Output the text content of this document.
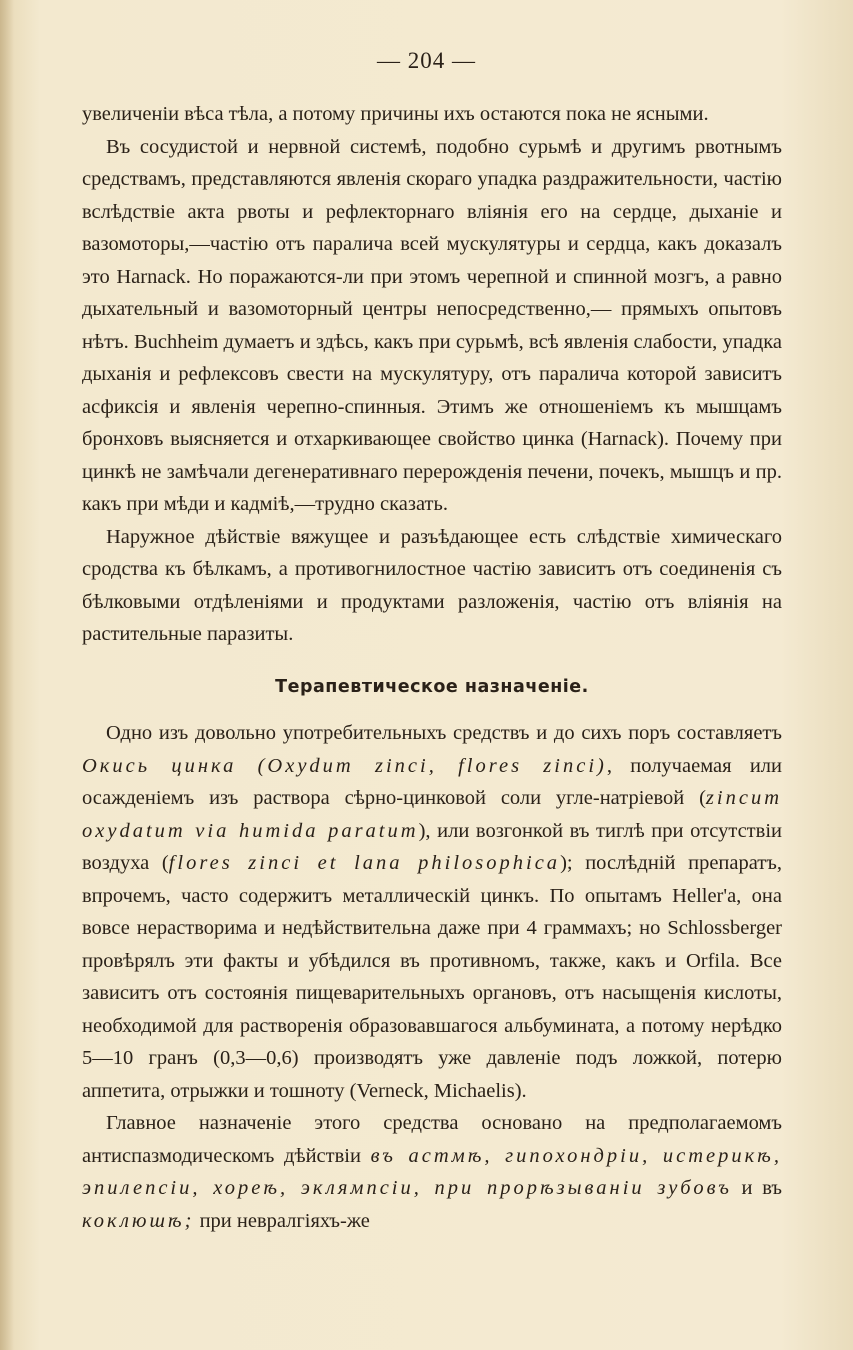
— 204 —

увеличенiи вѣса тѣла, а потому причины ихъ остаются пока не ясными.

Въ сосудистой и нервной системѣ, подобно сурьмѣ и другимъ рвотнымъ средствамъ, представляются явленiя скораго упадка раздражительности, частiю вслѣдствiе акта рвоты и рефлекторнаго влiянiя его на сердце, дыханiе и вазомоторы,—частiю отъ паралича всей мускулятуры и сердца, какъ доказалъ это Harnack. Но поражаются-ли при этомъ черепной и спинной мозгъ, а равно дыхательный и вазомоторный центры непосредственно,— прямыхъ опытовъ нѣтъ. Buchheim думаетъ и здѣсь, какъ при сурьмѣ, всѣ явленiя слабости, упадка дыханiя и рефлексовъ свести на мускулятуру, отъ паралича которой зависитъ асфиксiя и явленiя черепно-спинныя. Этимъ же отношенiемъ къ мышцамъ бронховъ выясняется и отхаркивающее свойство цинка (Harnack). Почему при цинкѣ не замѣчали дегенеративнаго перерожденiя печени, почекъ, мышцъ и пр. какъ при мѣди и кадмiѣ,—трудно сказать.

Наружное дѣйствiе вяжущее и разъѣдающее есть слѣдствiе химическаго сродства къ бѣлкамъ, а противогнилостное частiю зависитъ отъ соединенiя съ бѣлковыми отдѣленiями и продуктами разложенiя, частiю отъ влiянiя на растительные паразиты.

Терапевтическое назначенiе.

Одно изъ довольно употребительныхъ средствъ и до сихъ поръ составляетъ Окись цинка (Oxydum zinci, flores zinci), получаемая или осажденiемъ изъ раствора сѣрно-цинковой соли угле-натрiевой (zincum oxydatum via humida paratum), или возгонкой въ тиглѣ при отсутствiи воздуха (flores zinci et lana philosophica); послѣднiй препаратъ, впрочемъ, часто содержитъ металлическiй цинкъ. По опытамъ Heller'а, она вовсе нерастворима и недѣйствительна даже при 4 граммахъ; но Schlossberger провѣрялъ эти факты и убѣдился въ противномъ, также, какъ и Orfila. Все зависитъ отъ состоянiя пищеварительныхъ органовъ, отъ насыщенiя кислоты, необходимой для растворенiя образовавшагося альбумината, а потому нерѣдко 5—10 гранъ (0,3—0,6) производятъ уже давленiе подъ ложкой, потерю аппетита, отрыжки и тошноту (Verneck, Michaelis).

Главное назначенiе этого средства основано на предполагаемомъ антиспазмодическомъ дѣйствiи въ астмѣ, гипохондрiи, истерикѣ, эпилепсiи, хореѣ, эклямпсiи, при прорѣзыванiи зубовъ и въ коклюшѣ; при невралгiяхъ-же
